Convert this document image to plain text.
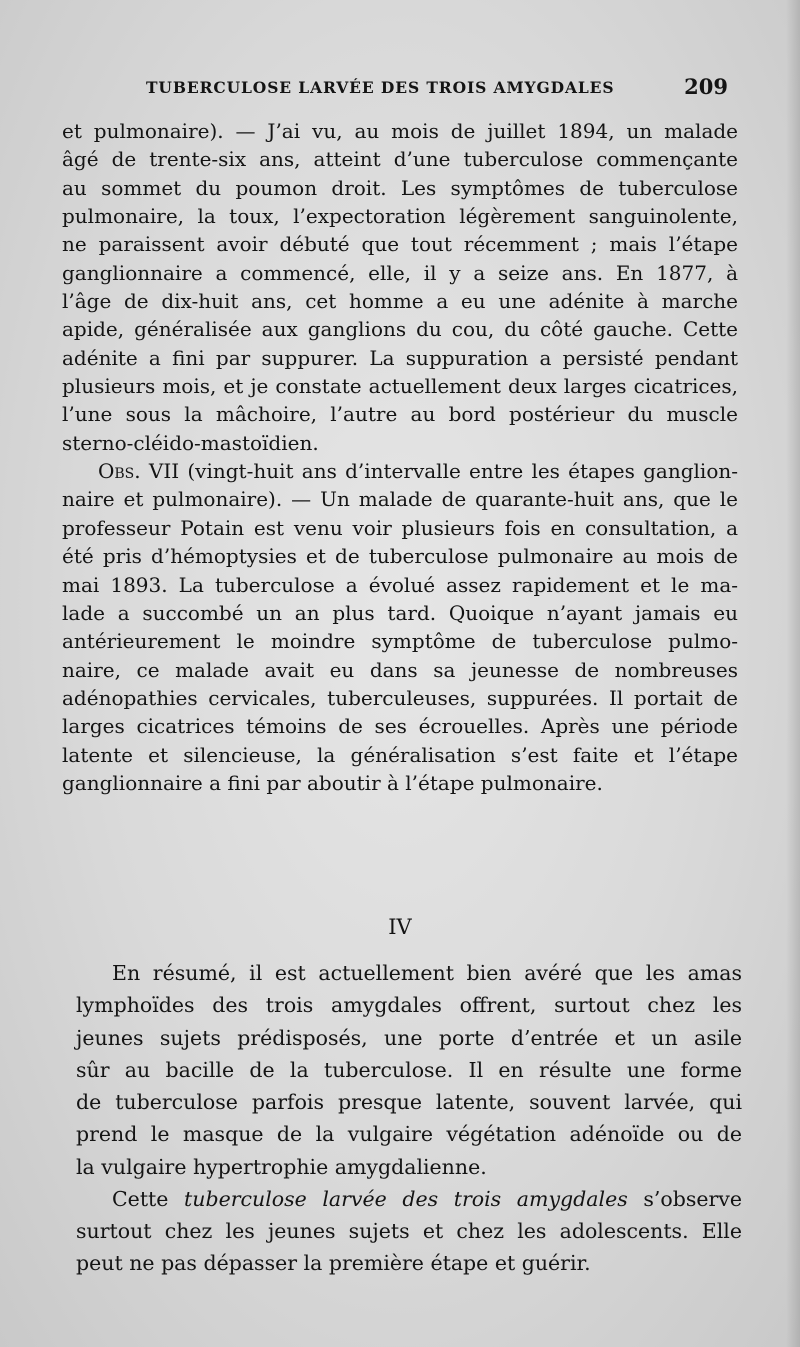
TUBERCULOSE LARVÉE DES TROIS AMYGDALES	209
et pulmonaire). — J’ai vu, au mois de juillet 1894, un malade
âgé de trente-six ans, atteint d’une tuberculose commençante
au sommet du poumon droit. Les symptômes de tuberculose
pulmonaire, la toux, l’expectoration légèrement sanguinolente,
ne paraissent avoir débuté que tout récemment ; mais l’étape
ganglionnaire a commencé, elle, il y a seize ans. En 1877, à
l’âge de dix-huit ans, cet homme a eu une adénite à marche
apide, généralisée aux ganglions du cou, du côté gauche. Cette
adénite a fini par suppurer. La suppuration a persisté pendant
plusieurs mois, et je constate actuellement deux larges cicatrices,
l’une sous la mâchoire, l’autre au bord postérieur du muscle
sterno-cléido-mastoïdien.
Obs. VII (vingt-huit ans d’intervalle entre les étapes ganglion-
naire et pulmonaire). — Un malade de quarante-huit ans, que le
professeur Potain est venu voir plusieurs fois en consultation, a
été pris d’hémoptysies et de tuberculose pulmonaire au mois de
mai 1893. La tuberculose a évolué assez rapidement et le ma-
lade a succombé un an plus tard. Quoique n’ayant jamais eu
antérieurement le moindre symptôme de tuberculose pulmo-
naire, ce malade avait eu dans sa jeunesse de nombreuses
adénopathies cervicales, tuberculeuses, suppurées. Il portait de
larges cicatrices témoins de ses écrouelles. Après une période
latente et silencieuse, la généralisation s’est faite et l’étape
ganglionnaire a fini par aboutir à l’étape pulmonaire.
IV
En résumé, il est actuellement bien avéré que les amas
lymphoïdes des trois amygdales offrent, surtout chez les
jeunes sujets prédisposés, une porte d’entrée et un asile
sûr au bacille de la tuberculose. Il en résulte une forme
de tuberculose parfois presque latente, souvent larvée, qui
prend le masque de la vulgaire végétation adénoïde ou de
la vulgaire hypertrophie amygdalienne.
Cette tuberculose larvée des trois amygdales s’observe
surtout chez les jeunes sujets et chez les adolescents. Elle
peut ne pas dépasser la première étape et guérir.
